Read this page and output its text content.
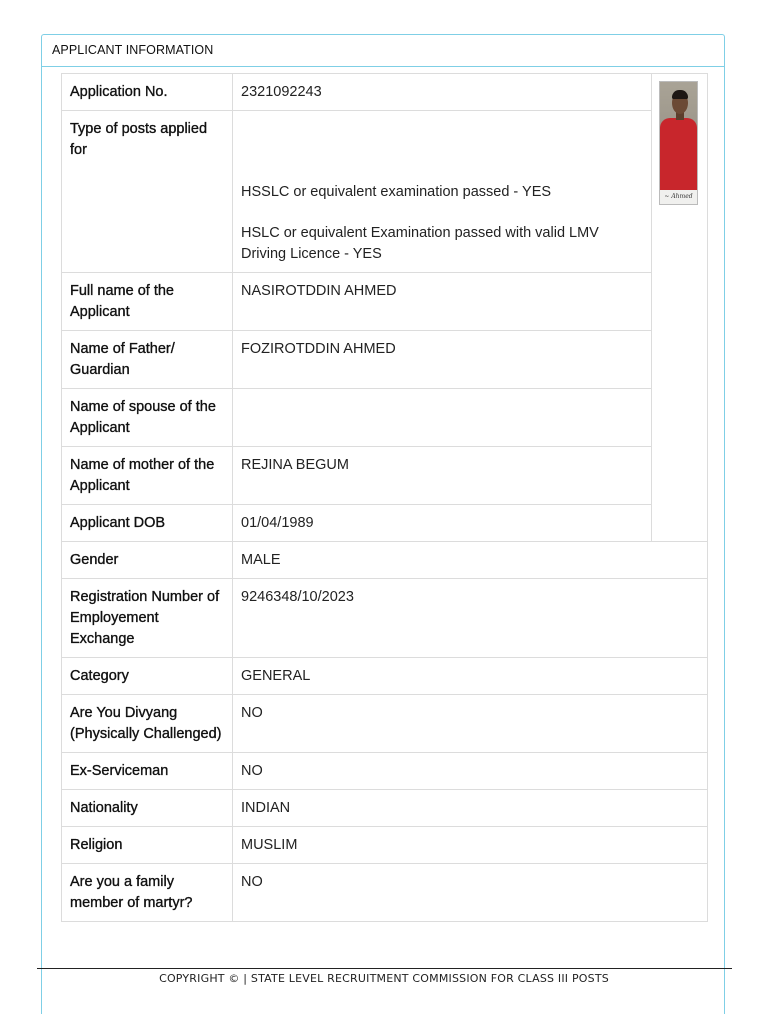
APPLICANT INFORMATION
Application No.	2321092243	~ Ahmed

Type of posts applied for	HSSLC or equivalent examination passed - YES
HSLC or equivalent Examination passed with valid LMV Driving Licence - YES	
Full name of the Applicant	NASIROTDDIN AHMED	
Name of Father/ Guardian	FOZIROTDDIN AHMED	
Name of spouse of the Applicant		
Name of mother of the Applicant	REJINA BEGUM	
Applicant DOB	01/04/1989	
Gender	MALE	
Registration Number of Employement Exchange	9246348/10/2023	
Category	GENERAL	
Are You Divyang (Physically Challenged)	NO	
Ex-Serviceman	NO	
Nationality	INDIAN	
Religion	MUSLIM	
Are you a family member of martyr?	NO	
COPYRIGHT © | STATE LEVEL RECRUITMENT COMMISSION FOR CLASS III POSTS
